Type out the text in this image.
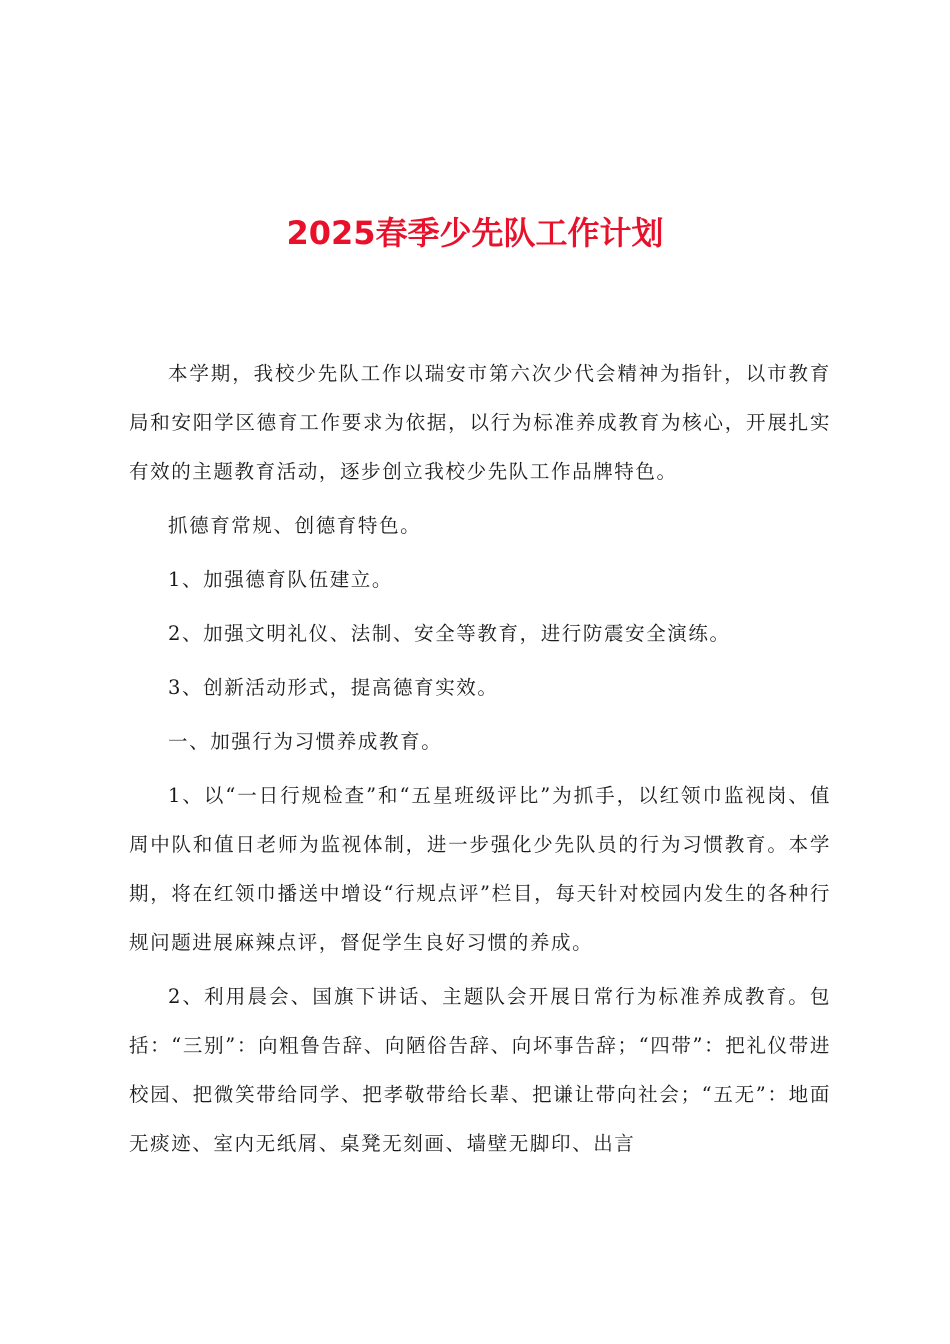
2025春季少先队工作计划

本学期，我校少先队工作以瑞安市第六次少代会精神为指针，以市教育局和安阳学区德育工作要求为依据，以行为标准养成教育为核心，开展扎实有效的主题教育活动，逐步创立我校少先队工作品牌特色。

抓德育常规、创德育特色。

1、加强德育队伍建立。

2、加强文明礼仪、法制、安全等教育，进行防震安全演练。

3、创新活动形式，提高德育实效。

一、加强行为习惯养成教育。

1、以“一日行规检查”和“五星班级评比”为抓手，以红领巾监视岗、值周中队和值日老师为监视体制，进一步强化少先队员的行为习惯教育。本学期，将在红领巾播送中增设“行规点评”栏目，每天针对校园内发生的各种行规问题进展麻辣点评，督促学生良好习惯的养成。

2、利用晨会、国旗下讲话、主题队会开展日常行为标准养成教育。包括：“三别”：向粗鲁告辞、向陋俗告辞、向坏事告辞；“四带”：把礼仪带进校园、把微笑带给同学、把孝敬带给长辈、把谦让带向社会；“五无”：地面无痰迹、室内无纸屑、桌凳无刻画、墙壁无脚印、出言
